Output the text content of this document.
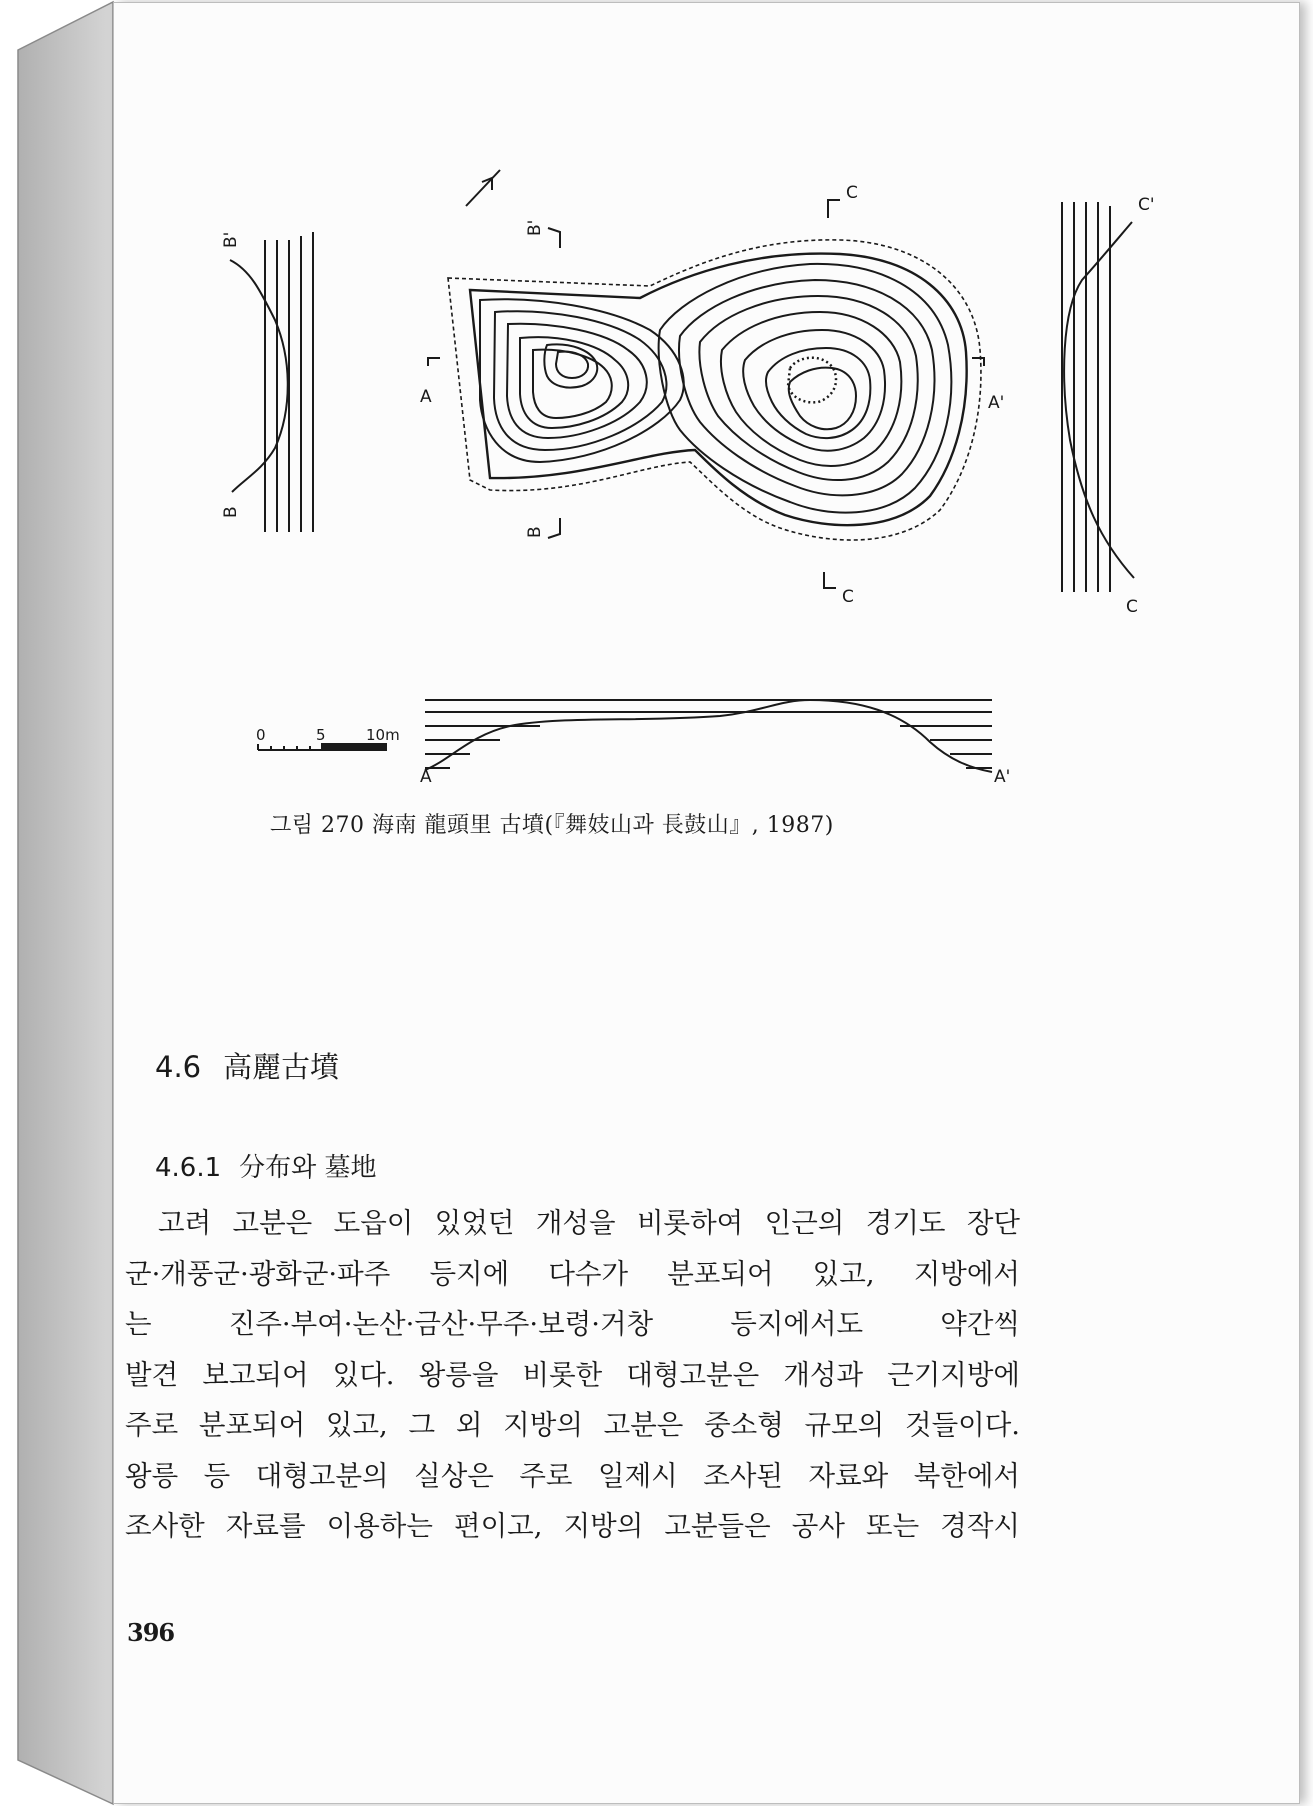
A	A'
B'
B
C
C
C'
C
B'
B
A	A'
0	5	10m
그림 270 海南 龍頭里 古墳(『舞妓山과 長鼓山』, 1987)
4.6 高麗古墳
4.6.1 分布와 墓地
고려 고분은 도읍이 있었던 개성을 비롯하여 인근의 경기도 장단
군·개풍군·광화군·파주 등지에 다수가 분포되어 있고, 지방에서
는 진주·부여·논산·금산·무주·보령·거창 등지에서도 약간씩
발견 보고되어 있다. 왕릉을 비롯한 대형고분은 개성과 근기지방에
주로 분포되어 있고, 그 외 지방의 고분은 중소형 규모의 것들이다.
왕릉 등 대형고분의 실상은 주로 일제시 조사된 자료와 북한에서
조사한 자료를 이용하는 편이고, 지방의 고분들은 공사 또는 경작시
396
